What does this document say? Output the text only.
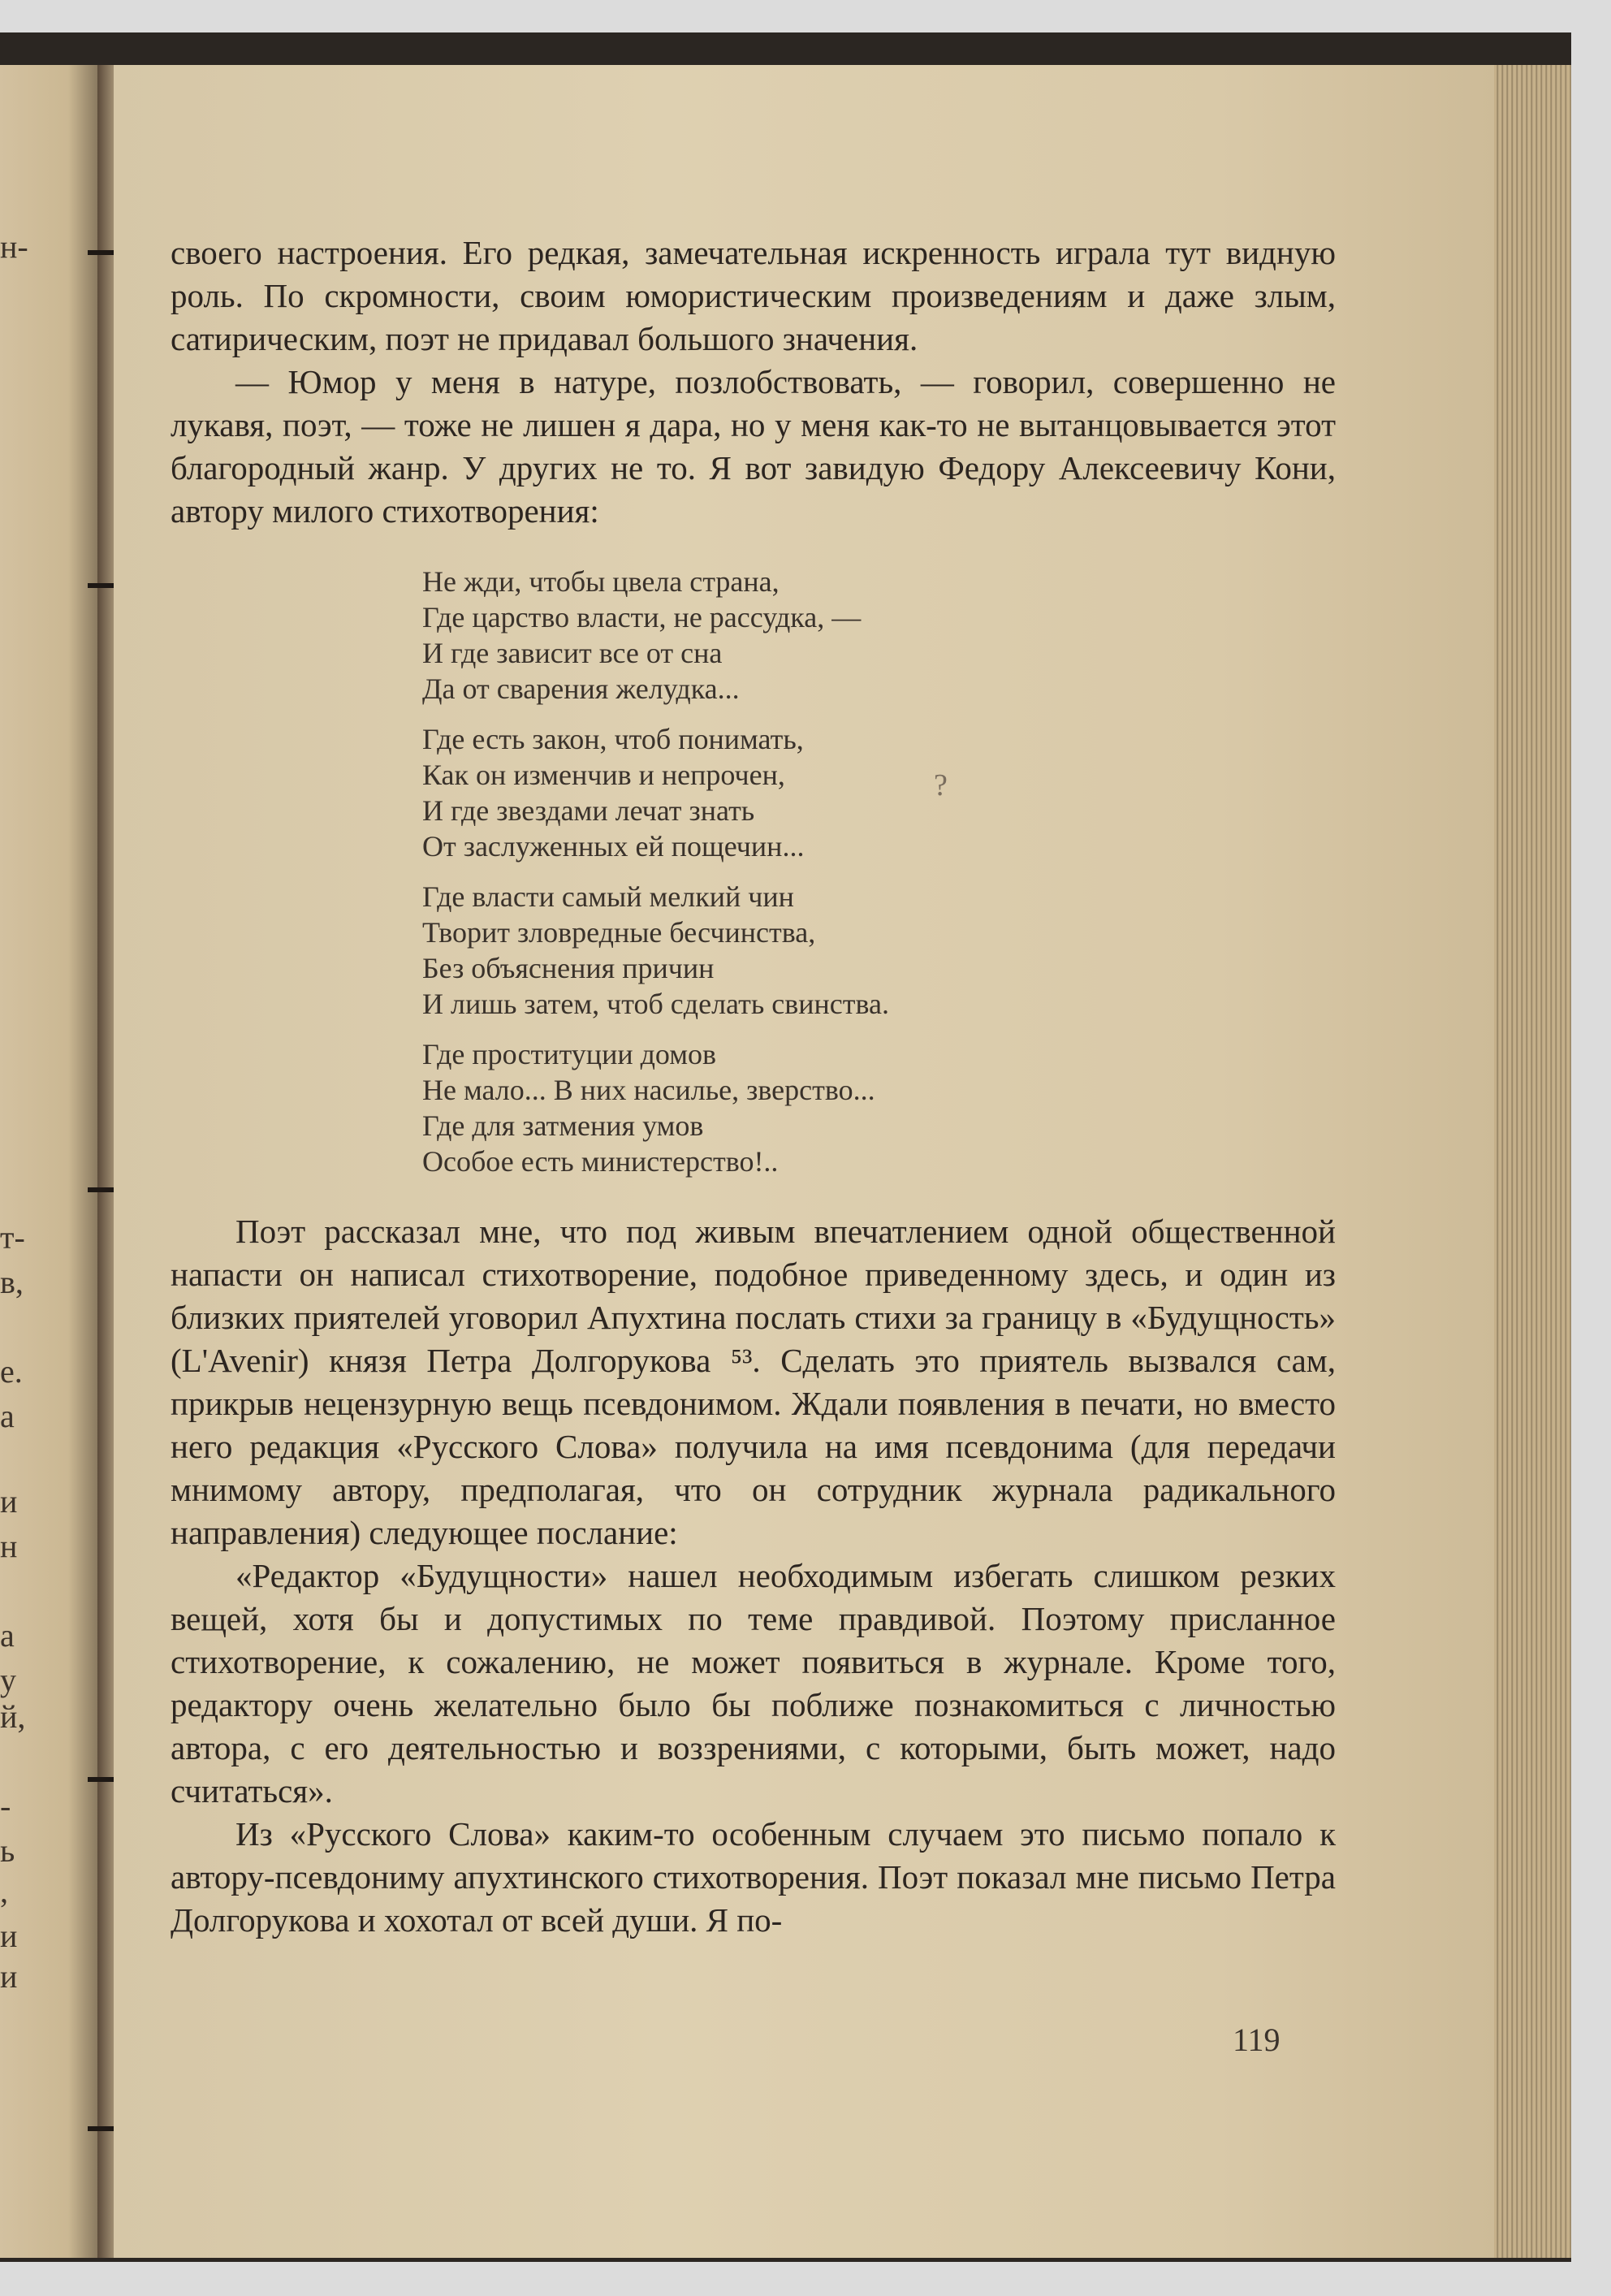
н-
т-
в,
е.
а
и
н
а
у
й,
-
ь
,
и
и

своего настроения. Его редкая, замечательная искренность играла тут видную роль. По скромности, своим юмористическим произведениям и даже злым, сатирическим, поэт не придавал большого значения.

— Юмор у меня в натуре, позлобствовать, — говорил, совершенно не лукавя, поэт, — тоже не лишен я дара, но у меня как-то не вытанцовывается этот благородный жанр. У других не то. Я вот завидую Федору Алексеевичу Кони, автору милого стихотворения:

Не жди, чтобы цвела страна,
Где царство власти, не рассудка, —
И где зависит все от сна
Да от сварения желудка...
Где есть закон, чтоб понимать,
Как он изменчив и непрочен,
И где звездами лечат знать
От заслуженных ей пощечин...
Где власти самый мелкий чин
Творит зловредные бесчинства,
Без объяснения причин
И лишь затем, чтоб сделать свинства.
Где проституции домов
Не мало... В них насилье, зверство...
Где для затмения умов
Особое есть министерство!..

Поэт рассказал мне, что под живым впечатлением одной общественной напасти он написал стихотворение, подобное приведенному здесь, и один из близких приятелей уговорил Апухтина послать стихи за границу в «Будущность» (L'Avenir) князя Петра Долгорукова ⁵³. Сделать это приятель вызвался сам, прикрыв нецензурную вещь псевдонимом. Ждали появления в печати, но вместо него редакция «Русского Слова» получила на имя псевдонима (для передачи мнимому автору, предполагая, что он сотрудник журнала радикального направления) следующее послание:

«Редактор «Будущности» нашел необходимым избегать слишком резких вещей, хотя бы и допустимых по теме правдивой. Поэтому присланное стихотворение, к сожалению, не может появиться в журнале. Кроме того, редактору очень желательно было бы поближе познакомиться с личностью автора, с его деятельностью и воззрениями, с которыми, быть может, надо считаться».

Из «Русского Слова» каким-то особенным случаем это письмо попало к автору-псевдониму апухтинского стихотворения. Поэт показал мне письмо Петра Долгорукова и хохотал от всей души. Я по-

?
119
